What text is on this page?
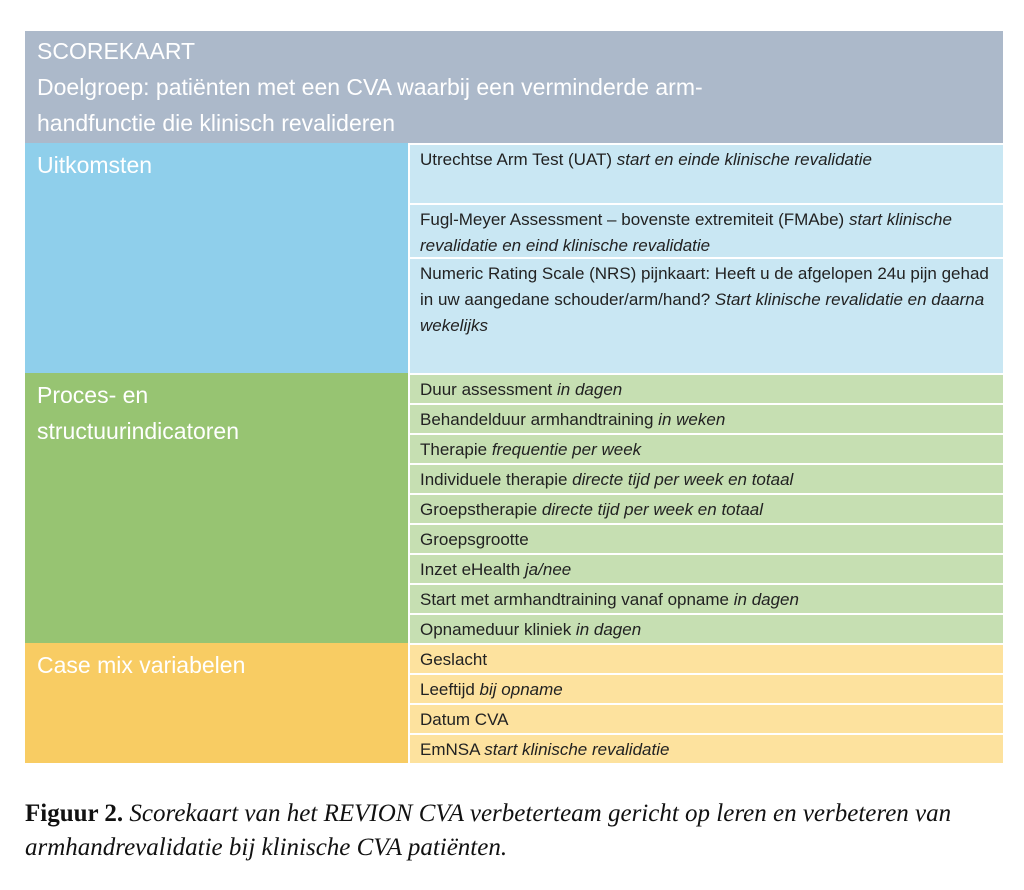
SCOREKAART
Doelgroep: patiënten met een CVA waarbij een verminderde arm-
handfunctie die klinisch revalideren
Uitkomsten	Utrechtse Arm Test (UAT) start en einde klinische revalidatie
Fugl-Meyer Assessment – bovenste extremiteit (FMAbe) start klinische revalidatie en eind klinische revalidatie
Numeric Rating Scale (NRS) pijnkaart: Heeft u de afgelopen 24u pijn gehad in uw aangedane schouder/arm/hand? Start klinische revalidatie en daarna wekelijks
Proces- en
structuurindicatoren
Duur assessment in dagen
Behandelduur armhandtraining in weken
Therapie frequentie per week
Individuele therapie directe tijd per week en totaal
Groepstherapie directe tijd per week en totaal
Groepsgrootte
Inzet eHealth ja/nee
Start met armhandtraining vanaf opname in dagen
Opnameduur kliniek in dagen
Case mix variabelen	Geslacht
Leeftijd bij opname
Datum CVA
EmNSA start klinische revalidatie
Figuur 2. Scorekaart van het REVION CVA verbeterteam gericht op leren en verbeteren van armhandrevalidatie bij klinische CVA patiënten.
